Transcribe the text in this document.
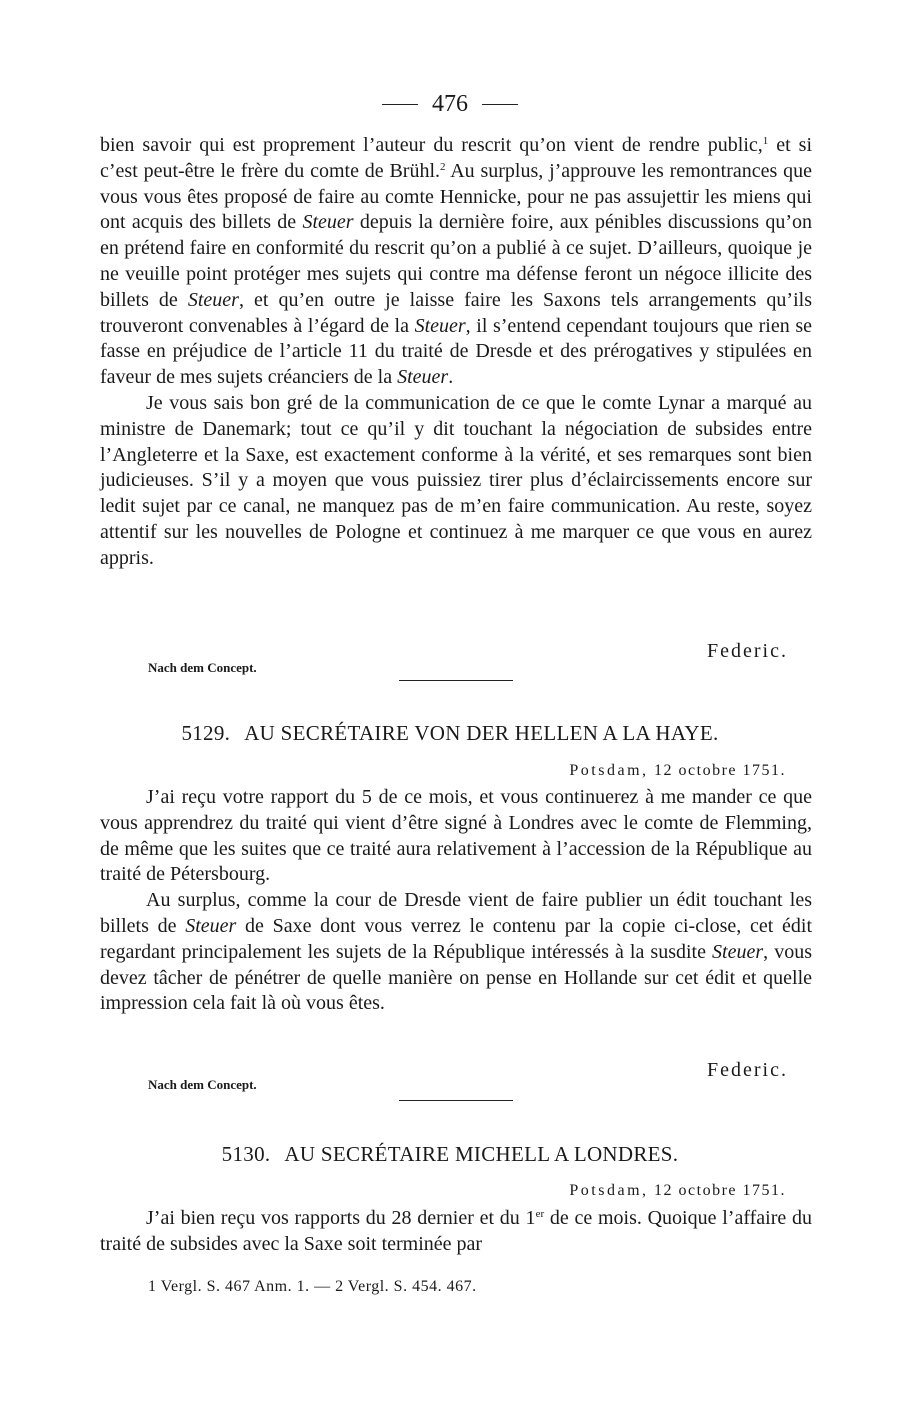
476

bien savoir qui est proprement l’auteur du rescrit qu’on vient de rendre public,$^1$ et si c’est peut-être le frère du comte de Brühl.$^2$ Au surplus, j’approuve les remontrances que vous vous êtes proposé de faire au comte Hennicke, pour ne pas assujettir les miens qui ont acquis des billets de Steuer depuis la dernière foire, aux pénibles discussions qu’on en prétend faire en conformité du rescrit qu’on a publié à ce sujet. D’ailleurs, quoique je ne veuille point protéger mes sujets qui contre ma défense feront un négoce illicite des billets de Steuer, et qu’en outre je laisse faire les Saxons tels arrangements qu’ils trouveront convenables à l’égard de la Steuer, il s’entend cependant toujours que rien se fasse en préjudice de l’article 11 du traité de Dresde et des prérogatives y stipulées en faveur de mes sujets créanciers de la Steuer.

Je vous sais bon gré de la communication de ce que le comte Lynar a marqué au ministre de Danemark; tout ce qu’il y dit touchant la négociation de subsides entre l’Angleterre et la Saxe, est exactement conforme à la vérité, et ses remarques sont bien judicieuses. S’il y a moyen que vous puissiez tirer plus d’éclaircissements encore sur ledit sujet par ce canal, ne manquez pas de m’en faire communication. Au reste, soyez attentif sur les nouvelles de Pologne et continuez à me marquer ce que vous en aurez appris.

Federic.
Nach dem Concept.
5129. AU SECRÉTAIRE VON DER HELLEN A LA HAYE.
Potsdam, 12 octobre 1751.

J’ai reçu votre rapport du 5 de ce mois, et vous continuerez à me mander ce que vous apprendrez du traité qui vient d’être signé à Londres avec le comte de Flemming, de même que les suites que ce traité aura relativement à l’accession de la République au traité de Pétersbourg.

Au surplus, comme la cour de Dresde vient de faire publier un édit touchant les billets de Steuer de Saxe dont vous verrez le contenu par la copie ci-close, cet édit regardant principalement les sujets de la République intéressés à la susdite Steuer, vous devez tâcher de pénétrer de quelle manière on pense en Hollande sur cet édit et quelle impression cela fait là où vous êtes.

Federic.
Nach dem Concept.
5130. AU SECRÉTAIRE MICHELL A LONDRES.
Potsdam, 12 octobre 1751.

J’ai bien reçu vos rapports du 28 dernier et du 1er de ce mois. Quoique l’affaire du traité de subsides avec la Saxe soit terminée par

1 Vergl. S. 467 Anm. 1. — 2 Vergl. S. 454. 467.
